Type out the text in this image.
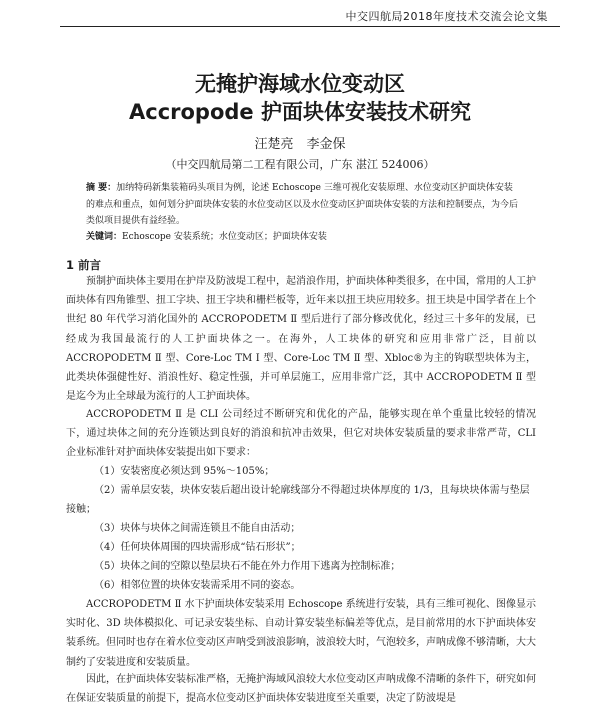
中交四航局2018年度技术交流会论文集
无掩护海域水位变动区
Accropode 护面块体安装技术研究
汪楚亮　李金保
（中交四航局第二工程有限公司，广东 湛江 524006）
摘 要：加纳特码新集装箱码头项目为例，论述 Echoscope 三维可视化安装原理、水位变动区护面块体安装的难点和重点，如何划分护面块体安装的水位变动区以及水位变动区护面块体安装的方法和控制要点，为今后类似项目提供有益经验。
关键词：Echoscope 安装系统；水位变动区；护面块体安装
1 前言
预制护面块体主要用在护岸及防波堤工程中，起消浪作用，护面块体种类很多，在中国，常用的人工护面块体有四角锥型、扭工字块、扭王字块和栅栏板等，近年来以扭王块应用较多。扭王块是中国学者在上个世纪 80 年代学习消化国外的 ACCROPODETM Ⅱ 型后进行了部分修改优化，经过三十多年的发展，已经成为我国最流行的人工护面块体之一。在海外，人工块体的研究和应用非常广泛，目前以 ACCROPODETM Ⅱ 型、Core-Loc TM Ⅰ 型、Core-Loc TM Ⅱ 型、Xbloc®为主的钩联型块体为主，此类块体强健性好、消浪性好、稳定性强，并可单层施工，应用非常广泛，其中 ACCROPODETM Ⅱ 型是迄今为止全球最为流行的人工护面块体。
ACCROPODETM Ⅱ 是 CLI 公司经过不断研究和优化的产品，能够实现在单个重量比较轻的情况下，通过块体之间的充分连锁达到良好的消浪和抗冲击效果，但它对块体安装质量的要求非常严苛，CLI 企业标准针对护面块体安装提出如下要求：
（1）安装密度必须达到 95%～105%；
（2）需单层安装，块体安装后超出设计轮廓线部分不得超过块体厚度的 1/3，且每块块体需与垫层接触；
（3）块体与块体之间需连锁且不能自由活动；
（4）任何块体周围的四块需形成“钻石形状”；
（5）块体之间的空隙以垫层块石不能在外力作用下逃离为控制标准；
（6）相邻位置的块体安装需采用不同的姿态。
ACCROPODETM Ⅱ 水下护面块体安装采用 Echoscope 系统进行安装，具有三维可视化、图像显示实时化、3D 块体模拟化、可记录安装坐标、自动计算安装坐标偏差等优点，是目前常用的水下护面块体安装系统。但同时也存在着水位变动区声呐受到波浪影响，波浪较大时，气泡较多，声呐成像不够清晰，大大制约了安装进度和安装质量。
因此，在护面块体安装标准严格，无掩护海域风浪较大水位变动区声呐成像不清晰的条件下，研究如何在保证安装质量的前提下，提高水位变动区护面块体安装进度至关重要，决定了防波堤是
